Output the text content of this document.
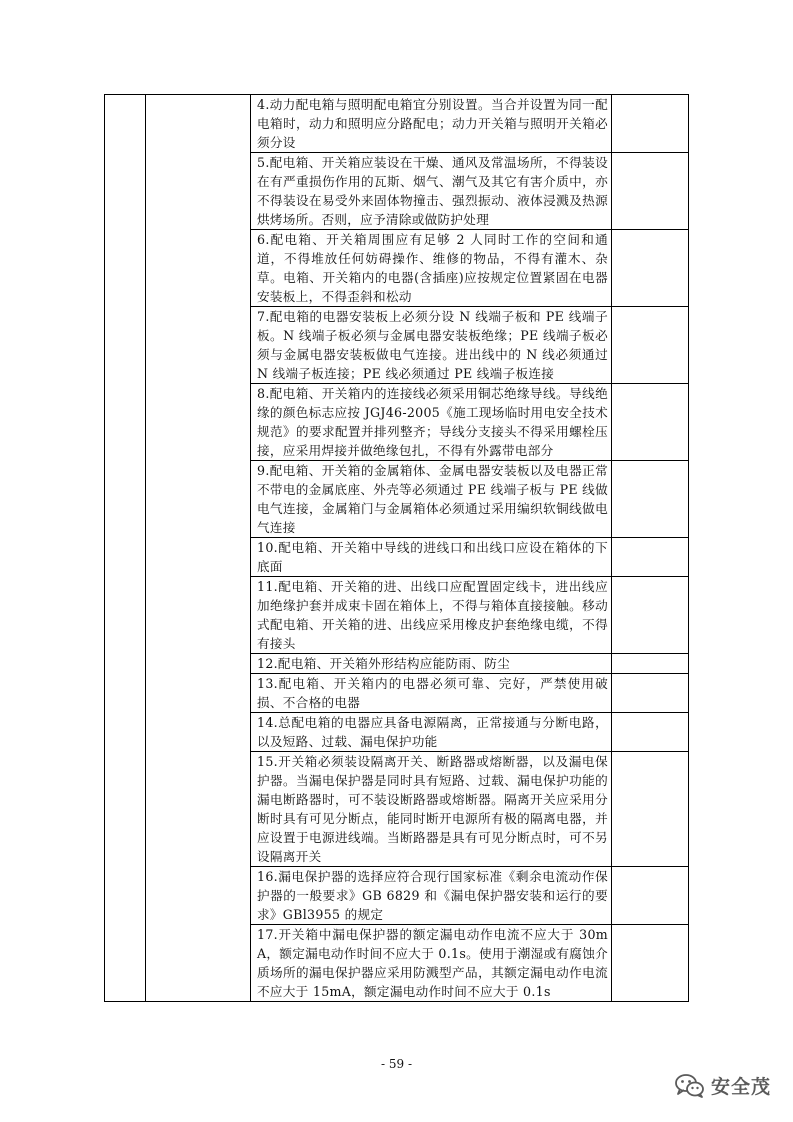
		4.动力配电箱与照明配电箱宜分别设置。当合并设置为同一配电箱时，动力和照明应分路配电；动力开关箱与照明开关箱必须分设	

		5.配电箱、开关箱应装设在干燥、通风及常温场所，不得装设在有严重损伤作用的瓦斯、烟气、潮气及其它有害介质中，亦不得装设在易受外来固体物撞击、强烈振动、液体浸溅及热源烘烤场所。否则，应予清除或做防护处理	

		6.配电箱、开关箱周围应有足够 2 人同时工作的空间和通道，不得堆放任何妨碍操作、维修的物品，不得有灌木、杂草。电箱、开关箱内的电器(含插座)应按规定位置紧固在电器安装板上，不得歪斜和松动	

		7.配电箱的电器安装板上必须分设 N 线端子板和 PE 线端子板。N 线端子板必须与金属电器安装板绝缘；PE 线端子板必须与金属电器安装板做电气连接。进出线中的 N 线必须通过 N 线端子板连接；PE 线必须通过 PE 线端子板连接	

		8.配电箱、开关箱内的连接线必须采用铜芯绝缘导线。导线绝缘的颜色标志应按 JGJ46-2005《施工现场临时用电安全技术规范》的要求配置并排列整齐；导线分支接头不得采用螺栓压接，应采用焊接并做绝缘包扎，不得有外露带电部分	

		9.配电箱、开关箱的金属箱体、金属电器安装板以及电器正常不带电的金属底座、外壳等必须通过 PE 线端子板与 PE 线做电气连接，金属箱门与金属箱体必须通过采用编织软铜线做电气连接	

		10.配电箱、开关箱中导线的进线口和出线口应设在箱体的下底面	

		11.配电箱、开关箱的进、出线口应配置固定线卡，进出线应加绝缘护套并成束卡固在箱体上，不得与箱体直接接触。移动式配电箱、开关箱的进、出线应采用橡皮护套绝缘电缆，不得有接头	

		12.配电箱、开关箱外形结构应能防雨、防尘	

		13.配电箱、开关箱内的电器必须可靠、完好，严禁使用破损、不合格的电器	

		14.总配电箱的电器应具备电源隔离，正常接通与分断电路，以及短路、过载、漏电保护功能	

		15.开关箱必须装设隔离开关、断路器或熔断器，以及漏电保护器。当漏电保护器是同时具有短路、过载、漏电保护功能的漏电断路器时，可不装设断路器或熔断器。隔离开关应采用分断时具有可见分断点，能同时断开电源所有极的隔离电器，并应设置于电源进线端。当断路器是具有可见分断点时，可不另设隔离开关	

		16.漏电保护器的选择应符合现行国家标准《剩余电流动作保护器的一般要求》GB 6829 和《漏电保护器安装和运行的要求》GBl3955 的规定	

		17.开关箱中漏电保护器的额定漏电动作电流不应大于 30mA，额定漏电动作时间不应大于 0.1s。使用于潮湿或有腐蚀介质场所的漏电保护器应采用防溅型产品，其额定漏电动作电流不应大于 15mA，额定漏电动作时间不应大于 0.1s	

- 59 -
安全茂
